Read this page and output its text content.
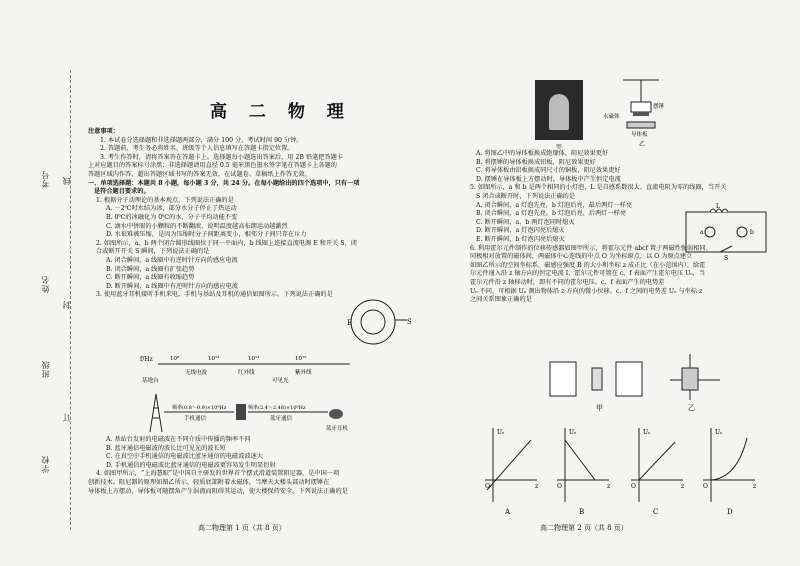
考号 线
姓名
封
班级
订
学校
高 二 物 理

注意事项：

1. 本试卷分选择题和非选择题两部分，满分 100 分，考试时间 90 分钟。

2. 答题前，考生务必将姓名、班级等个人信息填写在答题卡指定位置。

3. 考生作答时，请将答案答在答题卡上。选择题每小题选出答案后，用 2B 铅笔把答题卡

上对应题目的答案标号涂黑；非选择题请用直径 0.5 毫米黑色墨水签字笔在答题卡上各题的

答题区域内作答，超出答题区域书写的答案无效，在试题卷、草稿纸上作答无效。

一、单项选择题：本题共 8 小题，每小题 3 分，共 24 分。在每小题给出的四个选项中，只有一项

是符合题目要求的。

1. 根据分子动理论的基本观点，下列说法正确的是

A. －2℃时水结为冰，部分水分子停止了热运动

B. 0℃的冰融化为 0℃的水，分子平均动能不变

C. 滴水中併眼的小颗粒的不断翻滚，说明温度越高布朗运动越激烈

D. 水很难被压缩，是因为压缩时分子间距离变小，相邻分子间只存在斥力

2. 如图所示，a、b 两个闭合圆形线圈位于同一平面内，b 线圈上连接直流电源 E 和开关 S，闭

合或断开开关 S 瞬间，下列说法正确的是

A. 闭合瞬间，a 线圈中有逆时针方向的感应电流

B. 闭合瞬间，a 线圈有扩张趋势

C. 断开瞬间，a 线圈有收缩趋势

D. 断开瞬间，a 线圈中有逆时针方向的感应电流

3. 使用蓝牙耳机接听手机来电，手机与基站及耳机的通信如图所示。下列说法正确的是

S
E
f/Hz	10⁸	10¹²	10¹³	10¹⁵
无线电波	红外线	紫外线
可见光
基地台
频率(0.8～0.9)×10⁹Hz
手机通信
频率(2.4～2.48)×10⁹Hz
蓝牙通信
蓝牙耳机

A. 基站台发射的电磁波在不同介质中传播的频率不同

B. 蓝牙通信电磁波的波长比可见光的波长短

C. 在真空中手机通信的电磁波比蓝牙通信的电磁波波速大

D. 手机通信的电磁波比蓝牙通信的电磁波更容易发生明显衍射

4. 如图甲所示，“上海慧眼”是中国自主研发的世界首个摆式滑道装置阻尼器，是中国一项

创新技术。阻尼器的原理如图乙所示，轻质底部附着永磁体，当摩天大楼头部动时摆锤在

导体板上方摆动，导体板可随摆角产生涡流而阻碍其运动，使大楼保持安全。下列说法正确的是

高二物理第 1 页（共 8 页）
甲
摆锤
永磁体
导体板
乙

A. 将图乙中的导体板换成绝缘体，阻尼效果更好

B. 将摆锤的导体板换成铝板，阻尼效果更好

C. 将导体板由铝板换成同尺寸的铜板，阻尼效果更好

D. 摆锤在导体板上方摆动时，导体板中产生恒定电流

5. 如图所示，a 和 b 是两个相同的小灯泡，L 是自感系数很大、直流电阻为零的线圈，当开关

S 闭合或断开时，下列说法正确的是

A. 闭合瞬间，a 灯泡先亮，b 灯泡后亮，最后两灯一样亮

B. 闭合瞬间，a 灯泡先亮，b 灯泡后亮，后两灯一样亮

C. 断开瞬间，a、b 两灯泡同时熄灭

D. 断开瞬间，a 灯泡闪亮后熄灭

E. 断开瞬间，b 灯泡闪亮后熄灭

6. 利用霍尔元件制作的位移传感器如图甲所示，将霍尔元件 abcf 置于两磁性强弱相同、

同极相对放置的磁体间，两磁体中心连线的中点 O 为坐标原点，以 O 为原点建立

如图乙所示的空间坐标系，磁感应强度 B 的大小和坐标 z 成正比（在小范围内）。给霍

尔元件通入沿 z 轴方向的恒定电流 I，霍尔元件可置在 c、f 表面产生霍尔电压 Uₒ，当

霍尔元件沿 z 轴移动时，即有不同的霍尔电压。c、f 表面产生的电势差

Uₒ 不同，可根据 Uₒ 测出物体沿 z 方向的微小位移。c、f 之间的电势差 Uₒ 与坐标 z

之间关系图象正确的是

L
a	b
S
甲	乙
Uₒ
z
O
A
Uₒ
z
O
B
Uₒ
z
O
C
Uₒ
z
O
D
高二物理第 2 页（共 8 页）
